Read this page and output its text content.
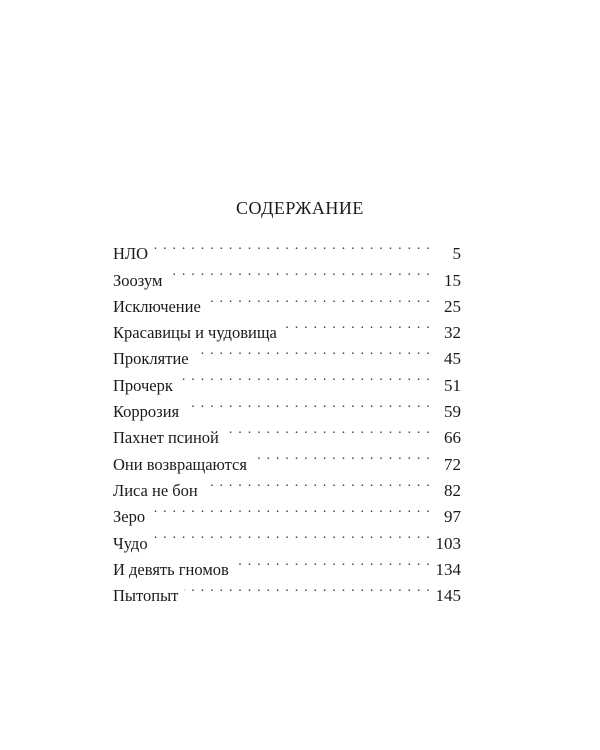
СОДЕРЖАНИЕ
НЛО . . .	5
Зоозум . . .	15
Исключение . . .	25
Красавицы и чудовища . . .	32
Проклятие . . .	45
Прочерк . . .	51
Коррозия . . .	59
Пахнет псиной . . .	66
Они возвращаются . . .	72
Лиса не бон . . .	82
Зеро . . .	97
Чудо . . .	103
И девять гномов . . .	134
Пытопыт . . .	145
